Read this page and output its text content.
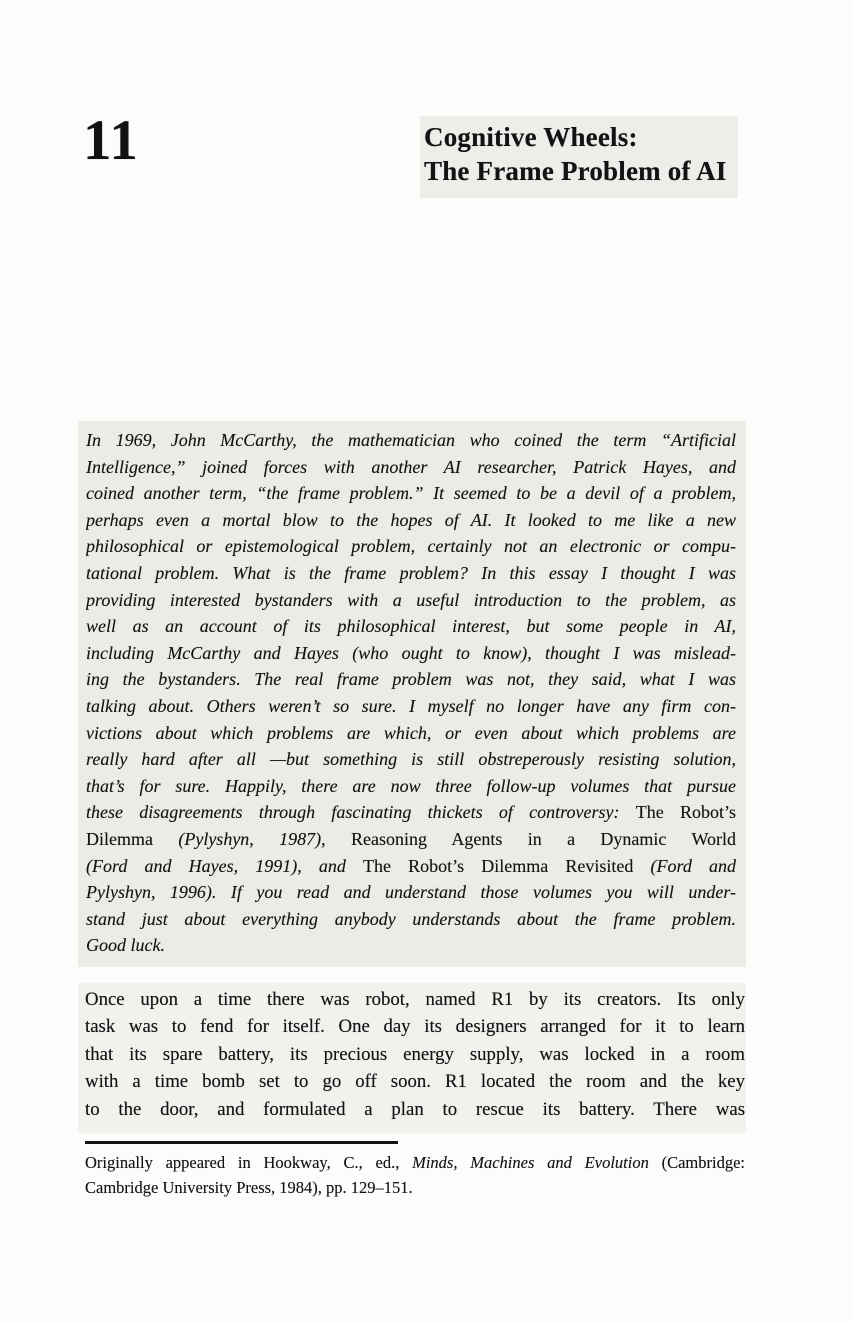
11	Cognitive Wheels:
The Frame Problem of AI
In 1969, John McCarthy, the mathematician who coined the term “Artificial
Intelligence,” joined forces with another AI researcher, Patrick Hayes, and
coined another term, “the frame problem.” It seemed to be a devil of a problem,
perhaps even a mortal blow to the hopes of AI. It looked to me like a new
philosophical or epistemological problem, certainly not an electronic or compu-
tational problem. What is the frame problem? In this essay I thought I was
providing interested bystanders with a useful introduction to the problem, as
well as an account of its philosophical interest, but some people in AI,
including McCarthy and Hayes (who ought to know), thought I was mislead-
ing the bystanders. The real frame problem was not, they said, what I was
talking about. Others weren’t so sure. I myself no longer have any firm con-
victions about which problems are which, or even about which problems are
really hard after all —but something is still obstreperously resisting solution,
that’s for sure. Happily, there are now three follow-up volumes that pursue
these disagreements through fascinating thickets of controversy: The Robot’s
Dilemma (Pylyshyn, 1987), Reasoning Agents in a Dynamic World
(Ford and Hayes, 1991), and The Robot’s Dilemma Revisited (Ford and
Pylyshyn, 1996). If you read and understand those volumes you will under-
stand just about everything anybody understands about the frame problem.
Good luck.
Once upon a time there was robot, named R1 by its creators. Its only
task was to fend for itself. One day its designers arranged for it to learn
that its spare battery, its precious energy supply, was locked in a room
with a time bomb set to go off soon. R1 located the room and the key
to the door, and formulated a plan to rescue its battery. There was
Originally appeared in Hookway, C., ed., Minds, Machines and Evolution (Cambridge:
Cambridge University Press, 1984), pp. 129–151.
